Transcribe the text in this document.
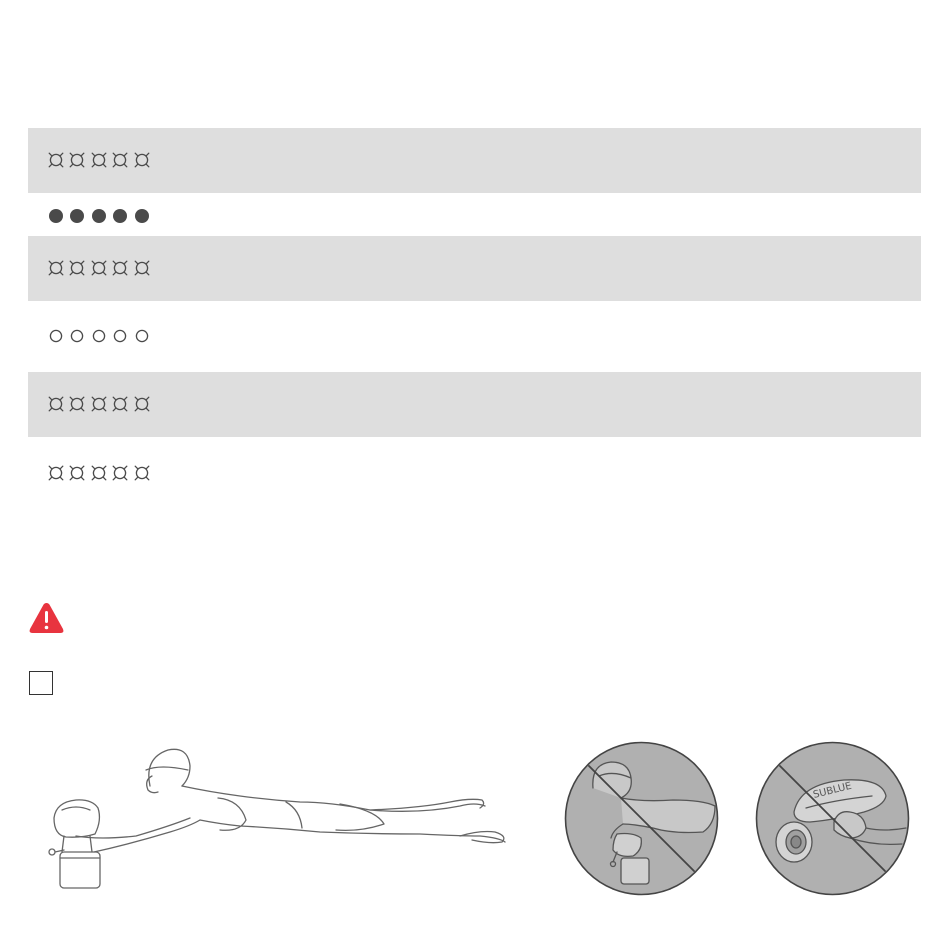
SUBLUE
